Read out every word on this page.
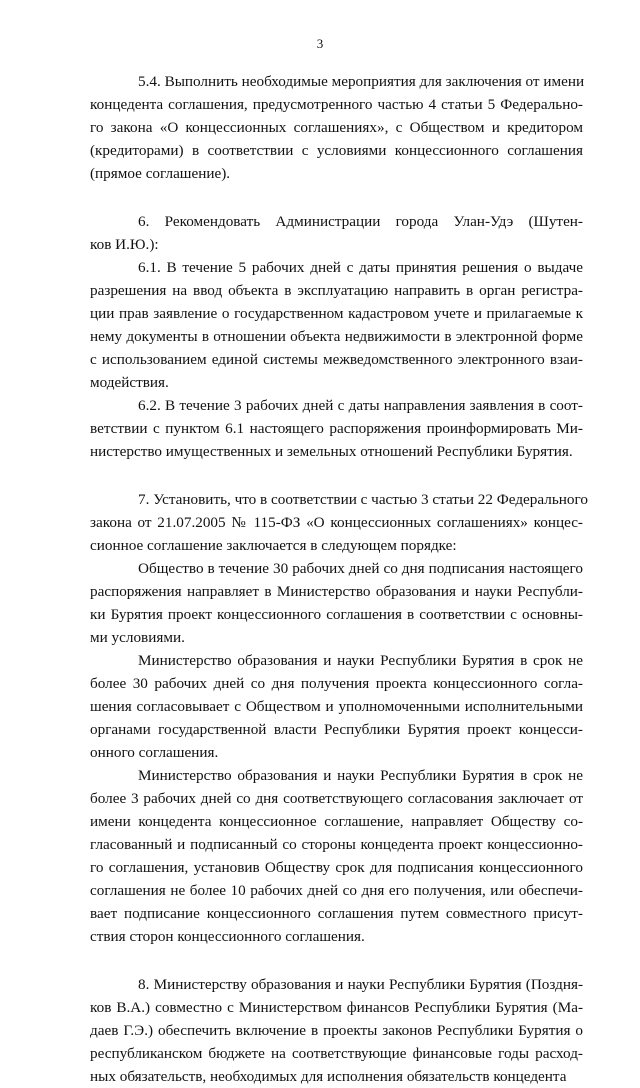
3

5.4. Выполнить необходимые мероприятия для заключения от имени
концедента соглашения, предусмотренного частью 4 статьи 5 Федерально-
го закона «О концессионных соглашениях», с Обществом и кредитором
(кредиторами) в соответствии с условиями концессионного соглашения
(прямое соглашение).

6. Рекомендовать Администрации города Улан-Удэ (Шутен-
ков И.Ю.):

6.1. В течение 5 рабочих дней с даты принятия решения о выдаче
разрешения на ввод объекта в эксплуатацию направить в орган регистра-
ции прав заявление о государственном кадастровом учете и прилагаемые к
нему документы в отношении объекта недвижимости в электронной форме
с использованием единой системы межведомственного электронного взаи-
модействия.

6.2. В течение 3 рабочих дней с даты направления заявления в соот-
ветствии с пунктом 6.1 настоящего распоряжения проинформировать Ми-
нистерство имущественных и земельных отношений Республики Бурятия.

7. Установить, что в соответствии с частью 3 статьи 22 Федерального
закона от 21.07.2005 № 115-ФЗ «О концессионных соглашениях» концес-
сионное соглашение заключается в следующем порядке:

Общество в течение 30 рабочих дней со дня подписания настоящего
распоряжения направляет в Министерство образования и науки Республи-
ки Бурятия проект концессионного соглашения в соответствии с основны-
ми условиями.

Министерство образования и науки Республики Бурятия в срок не
более 30 рабочих дней со дня получения проекта концессионного согла-
шения согласовывает с Обществом и уполномоченными исполнительными
органами государственной власти Республики Бурятия проект концесси-
онного соглашения.

Министерство образования и науки Республики Бурятия в срок не
более 3 рабочих дней со дня соответствующего согласования заключает от
имени концедента концессионное соглашение, направляет Обществу со-
гласованный и подписанный со стороны концедента проект концессионно-
го соглашения, установив Обществу срок для подписания концессионного
соглашения не более 10 рабочих дней со дня его получения, или обеспечи-
вает подписание концессионного соглашения путем совместного присут-
ствия сторон концессионного соглашения.

8. Министерству образования и науки Республики Бурятия (Поздня-
ков В.А.) совместно с Министерством финансов Республики Бурятия (Ма-
даев Г.Э.) обеспечить включение в проекты законов Республики Бурятия о
республиканском бюджете на соответствующие финансовые годы расход-
ных обязательств, необходимых для исполнения обязательств концедента
